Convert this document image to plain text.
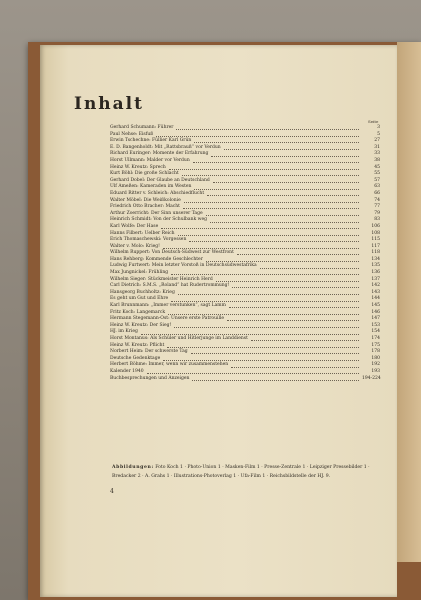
Inhalt
Seite
Gerhard Schumann: Führer	3
Paul Nehse: Eisfuß	5
Erwin Tschechne: Füllier Karl Grün	27
E. D. Bangenholdt: Mit „Rattsbrauß“ vor Verdun	31
Richard Euringer: Momente der Erfahrung	33
Horst Ullmann: Malder vor Verdun	38
Heinz W. Kreutz: Sprech	45
Kurt Böhl: Die große Schlacht	55
Gerhard Dobel: Der Glaube an Deutschland	57
Ulf Ameßen: Kameraden im Westen	63
Eduard Ritter v. Schleich: Abschiedflucht	66
Walter Möbel: Die Weißkolonie	74
Friedrich Otto Bracher: Macht	77
Arthur Zoerricht: Der Sinn unserer Tage	79
Heinrich Schmidt: Von der Schulbank weg	83
Karl Wolfe: Der Hase	106
Hanns Filbert: Uelber Reich	108
Erich Thomaschewski: Vorgessen	115
Walter v. Molo: Krieg!	117
Wilhelm Ruppert: Von Deutsch-Südwest zur Westfront	118
Hans Rehberg: Kommende Geschlechter	134
Ludwig Furtwert: Mein letzter Vorstoß in Deutschsüdwestafrika	135
Max Jungnickel: Frühling	136
Wilhelm Sieger: Stückmeister Heinrich Herd	137
Carl Dietrich: S.M.S. „Roland“ hat Rudertrommung!	142
Hansgeorg Buchholtz: Krieg	143
Es geht um Gut und Ehre	144
Karl Brunnmann: „Immer verstunken“, sagt Lamm	145
Fritz Koch: Langemarck	146
Hermann Stegemann-Ost: Unsere erste Patrouille	147
Heinz W. Kreutz: Der Sieg!	153
HJ. im Krieg	154
Horst Montanus: Als Schüler und Hitlerjunge im Landdienst	174
Heinz W. Kreutz: Pflicht	175
Norbert Heim: Der schwerste Tag	178
Deutsche Gedenktage	180
Herbert Böhme: Immer, wenn wir zusammenstehen	192
Kalender 1940	193
Buchbesprechungen und Anzeigen	194-224

Abbildungen: Foto Koch 1 · Photo-Union 1 · Masken-Film 1 · Presse-Zentrale 1 · Leipziger Pressebilder 1 · Bredacker 2 · A. Grahs 1 · Illustrations-Photoverlag 1 · Ufa-Film 1 · Reichsbildstelle der HJ. 9.

4
